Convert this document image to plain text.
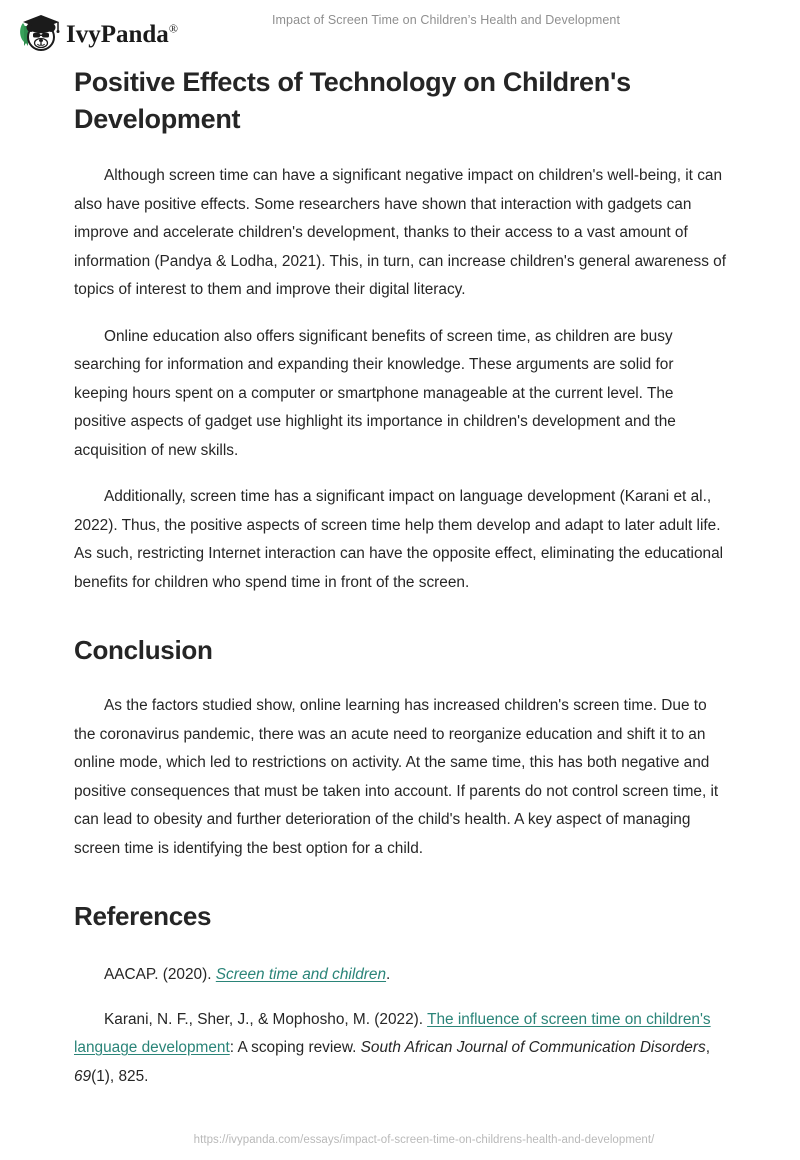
IvyPanda®
Impact of Screen Time on Children’s Health and Development
Positive Effects of Technology on Children's Development

Although screen time can have a significant negative impact on children's well-being, it can also have positive effects. Some researchers have shown that interaction with gadgets can improve and accelerate children's development, thanks to their access to a vast amount of information (Pandya & Lodha, 2021). This, in turn, can increase children's general awareness of topics of interest to them and improve their digital literacy.

Online education also offers significant benefits of screen time, as children are busy searching for information and expanding their knowledge. These arguments are solid for keeping hours spent on a computer or smartphone manageable at the current level. The positive aspects of gadget use highlight its importance in children's development and the acquisition of new skills.

Additionally, screen time has a significant impact on language development (Karani et al., 2022). Thus, the positive aspects of screen time help them develop and adapt to later adult life. As such, restricting Internet interaction can have the opposite effect, eliminating the educational benefits for children who spend time in front of the screen.

Conclusion

As the factors studied show, online learning has increased children's screen time. Due to the coronavirus pandemic, there was an acute need to reorganize education and shift it to an online mode, which led to restrictions on activity. At the same time, this has both negative and positive consequences that must be taken into account. If parents do not control screen time, it can lead to obesity and further deterioration of the child's health. A key aspect of managing screen time is identifying the best option for a child.

References

AACAP. (2020). Screen time and children.

Karani, N. F., Sher, J., & Mophosho, M. (2022). The influence of screen time on children's language development: A scoping review. South African Journal of Communication Disorders, 69(1), 825.

https://ivypanda.com/essays/impact-of-screen-time-on-childrens-health-and-development/
